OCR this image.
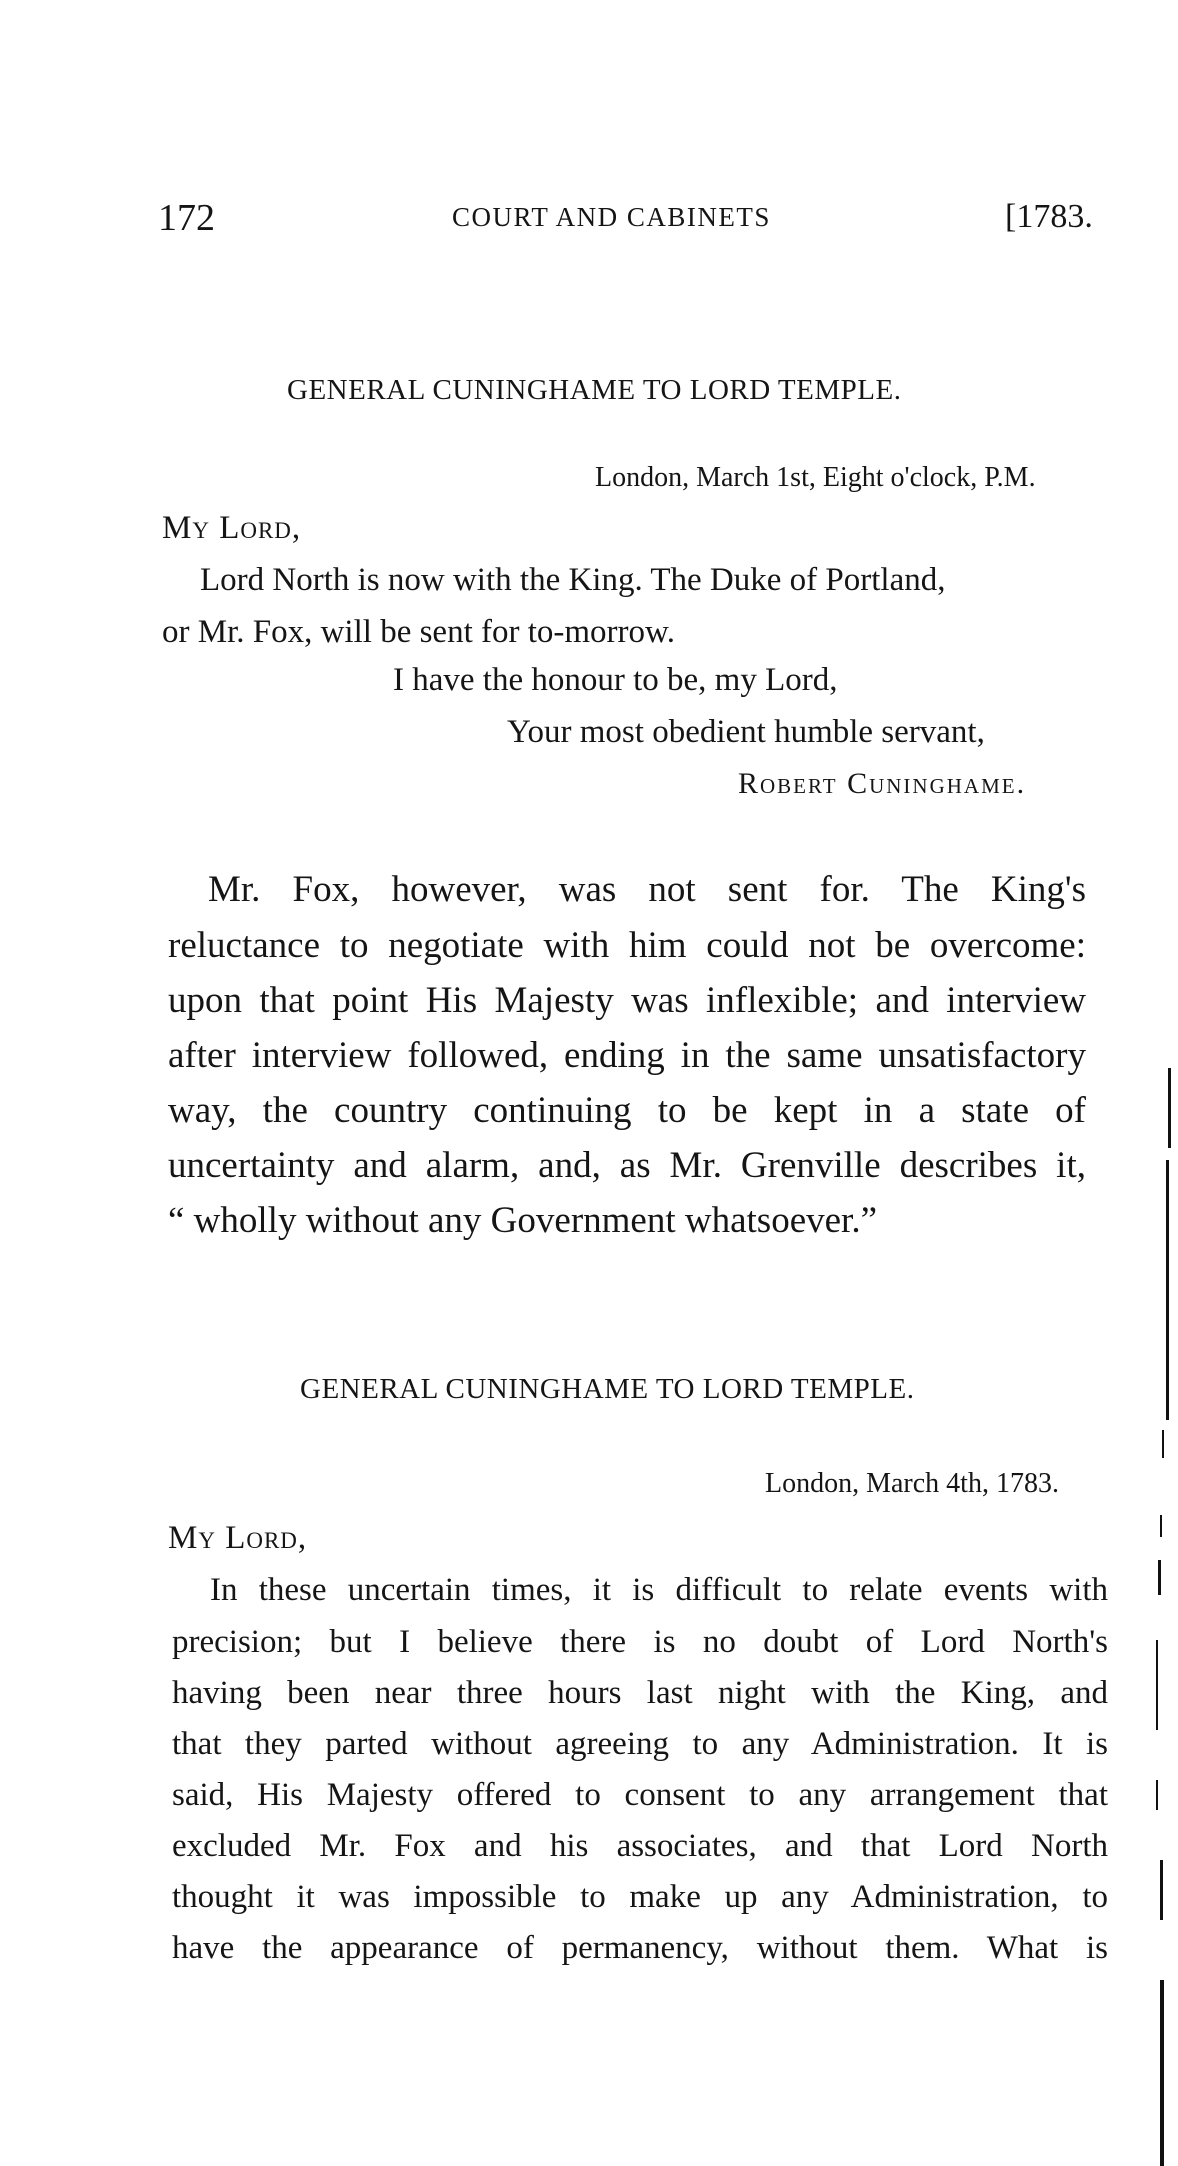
172	COURT AND CABINETS	[1783.
GENERAL CUNINGHAME TO LORD TEMPLE.
London, March 1st, Eight o'clock, P.M.
My Lord,
Lord North is now with the King. The Duke of Portland,
or Mr. Fox, will be sent for to-morrow.
I have the honour to be, my Lord,
Your most obedient humble servant,
Robert Cuninghame.
Mr. Fox, however, was not sent for. The King's
reluctance to negotiate with him could not be overcome:
upon that point His Majesty was inflexible; and interview
after interview followed, ending in the same unsatisfactory
way, the country continuing to be kept in a state of
uncertainty and alarm, and, as Mr. Grenville describes it,
“ wholly without any Government whatsoever.”
GENERAL CUNINGHAME TO LORD TEMPLE.
London, March 4th, 1783.
My Lord,
In these uncertain times, it is difficult to relate events with
precision; but I believe there is no doubt of Lord North's
having been near three hours last night with the King, and
that they parted without agreeing to any Administration. It is
said, His Majesty offered to consent to any arrangement that
excluded Mr. Fox and his associates, and that Lord North
thought it was impossible to make up any Administration, to
have the appearance of permanency, without them. What is
